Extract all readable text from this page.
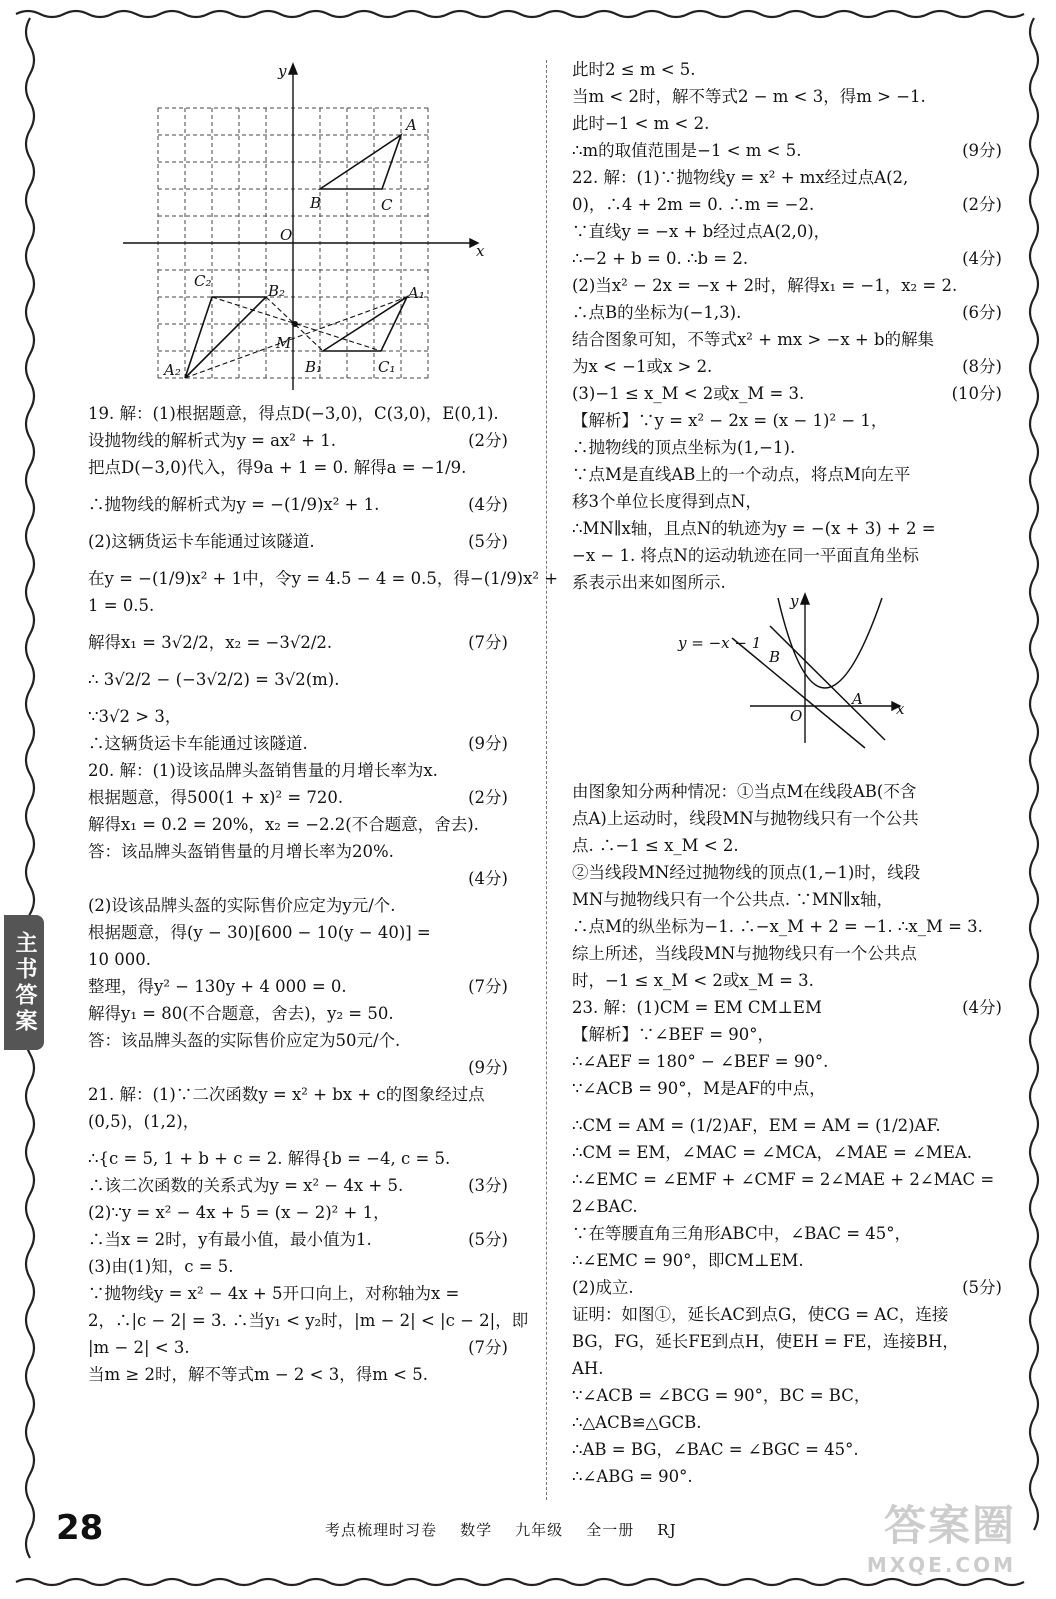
y
x
O
A
B	C
A₁
B₁	C₁
A₂
B₂
C₂
M
19. 解：(1)根据题意，得点D(−3,0)，C(3,0)，E(0,1).
设抛物线的解析式为y = ax² + 1.	(2分)
把点D(−3,0)代入，得9a + 1 = 0. 解得a = −1/9.
∴抛物线的解析式为y = −(1/9)x² + 1.	(4分)
(2)这辆货运卡车能通过该隧道.	(5分)
在y = −(1/9)x² + 1中，令y = 4.5 − 4 = 0.5，得−(1/9)x² +
1 = 0.5.
解得x₁ = 3√2/2，x₂ = −3√2/2.	(7分)
∴ 3√2/2 − (−3√2/2) = 3√2(m).
∵3√2 > 3，
∴这辆货运卡车能通过该隧道.	(9分)
20. 解：(1)设该品牌头盔销售量的月增长率为x.
根据题意，得500(1 + x)² = 720.	(2分)
解得x₁ = 0.2 = 20%，x₂ = −2.2(不合题意，舍去).
答：该品牌头盔销售量的月增长率为20%.
(4分)
(2)设该品牌头盔的实际售价应定为y元/个.
根据题意，得(y − 30)[600 − 10(y − 40)] =
10 000.
整理，得y² − 130y + 4 000 = 0.	(7分)
解得y₁ = 80(不合题意，舍去)，y₂ = 50.
答：该品牌头盔的实际售价应定为50元/个.
(9分)
21. 解：(1)∵二次函数y = x² + bx + c的图象经过点
(0,5)，(1,2)，
∴{c = 5, 1 + b + c = 2. 解得{b = −4, c = 5.
∴该二次函数的关系式为y = x² − 4x + 5.	(3分)
(2)∵y = x² − 4x + 5 = (x − 2)² + 1，
∴当x = 2时，y有最小值，最小值为1.	(5分)
(3)由(1)知，c = 5.
∵抛物线y = x² − 4x + 5开口向上，对称轴为x =
2，∴|c − 2| = 3. ∴当y₁ < y₂时，|m − 2| < |c − 2|，即
|m − 2| < 3.	(7分)
当m ≥ 2时，解不等式m − 2 < 3，得m < 5.
此时2 ≤ m < 5.
当m < 2时，解不等式2 − m < 3，得m > −1.
此时−1 < m < 2.
∴m的取值范围是−1 < m < 5.	(9分)
22. 解：(1)∵抛物线y = x² + mx经过点A(2,
0)，∴4 + 2m = 0. ∴m = −2.	(2分)
∵直线y = −x + b经过点A(2,0)，
∴−2 + b = 0. ∴b = 2.	(4分)
(2)当x² − 2x = −x + 2时，解得x₁ = −1，x₂ = 2.
∴点B的坐标为(−1,3).	(6分)
结合图象可知，不等式x² + mx > −x + b的解集
为x < −1或x > 2.	(8分)
(3)−1 ≤ x_M < 2或x_M = 3.	(10分)
【解析】∵y = x² − 2x = (x − 1)² − 1，
∴抛物线的顶点坐标为(1,−1).
∵点M是直线AB上的一个动点，将点M向左平
移3个单位长度得到点N，
∴MN∥x轴，且点N的轨迹为y = −(x + 3) + 2 =
−x − 1. 将点N的运动轨迹在同一平面直角坐标
系表示出来如图所示.
y
x
O
A
B
y = −x − 1
由图象知分两种情况：①当点M在线段AB(不含
点A)上运动时，线段MN与抛物线只有一个公共
点. ∴−1 ≤ x_M < 2.
②当线段MN经过抛物线的顶点(1,−1)时，线段
MN与抛物线只有一个公共点. ∵MN∥x轴，
∴点M的纵坐标为−1. ∴−x_M + 2 = −1. ∴x_M = 3.
综上所述，当线段MN与抛物线只有一个公共点
时，−1 ≤ x_M < 2或x_M = 3.
23. 解：(1)CM = EM CM⊥EM	(4分)
【解析】∵∠BEF = 90°，
∴∠AEF = 180° − ∠BEF = 90°.
∵∠ACB = 90°，M是AF的中点，
∴CM = AM = (1/2)AF，EM = AM = (1/2)AF.
∴CM = EM，∠MAC = ∠MCA，∠MAE = ∠MEA.
∴∠EMC = ∠EMF + ∠CMF = 2∠MAE + 2∠MAC =
2∠BAC.
∵在等腰直角三角形ABC中，∠BAC = 45°，
∴∠EMC = 90°，即CM⊥EM.
(2)成立.	(5分)
证明：如图①，延长AC到点G，使CG = AC，连接
BG，FG，延长FE到点H，使EH = FE，连接BH，
AH.
∵∠ACB = ∠BCG = 90°，BC = BC，
∴△ACB≌△GCB.
∴AB = BG，∠BAC = ∠BGC = 45°.
∴∠ABG = 90°.
主书答案
28	考点梳理时习卷    数学    九年级    全一册    RJ	答案圈
MXQE.COM
